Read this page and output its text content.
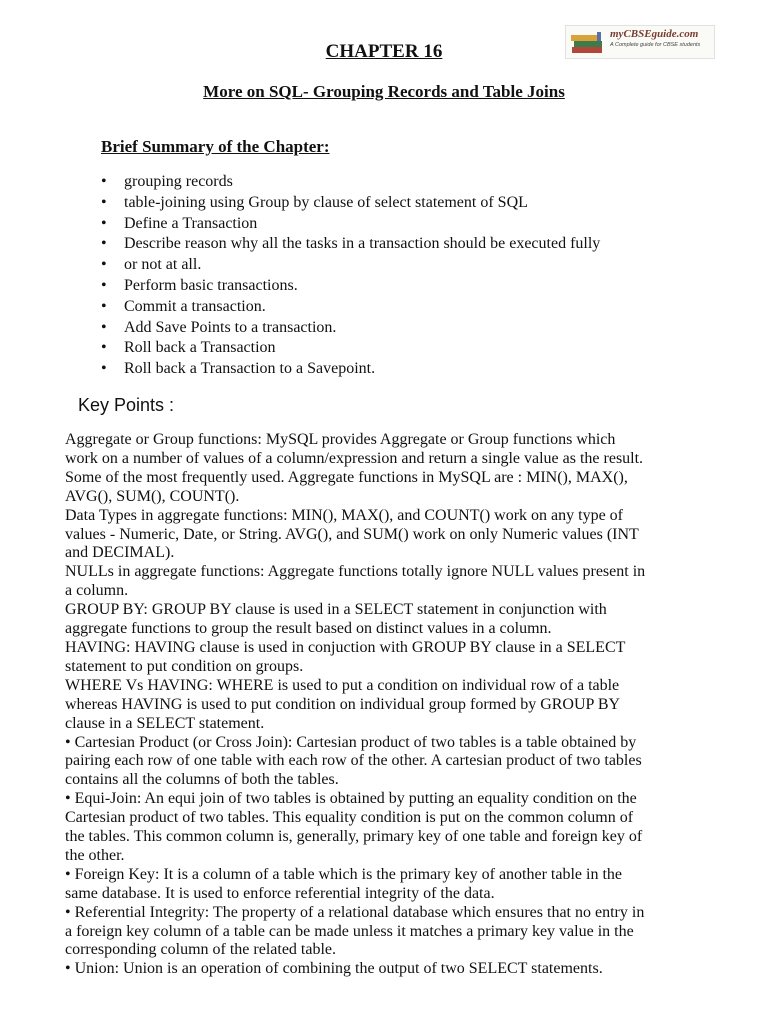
myCBSEguide.com
A Complete guide for CBSE students
CHAPTER 16
More on SQL- Grouping Records and Table Joins
Brief Summary of the Chapter:
• grouping records
• table-joining using Group by clause of select statement of SQL
• Define a Transaction
• Describe reason why all the tasks in a transaction should be executed fully
• or not at all.
• Perform basic transactions.
• Commit a transaction.
• Add Save Points to a transaction.
• Roll back a Transaction
• Roll back a Transaction to a Savepoint.
Key Points :

Aggregate or Group functions: MySQL provides Aggregate or Group functions which

work on a number of values of a column/expression and return a single value as the result.

Some of the most frequently used. Aggregate functions in MySQL are : MIN(), MAX(),

AVG(), SUM(), COUNT().

Data Types in aggregate functions: MIN(), MAX(), and COUNT() work on any type of

values - Numeric, Date, or String. AVG(), and SUM() work on only Numeric values (INT

and DECIMAL).

NULLs in aggregate functions: Aggregate functions totally ignore NULL values present in

a column.

GROUP BY: GROUP BY clause is used in a SELECT statement in conjunction with

aggregate functions to group the result based on distinct values in a column.

HAVING: HAVING clause is used in conjuction with GROUP BY clause in a SELECT

statement to put condition on groups.

WHERE Vs HAVING: WHERE is used to put a condition on individual row of a table

whereas HAVING is used to put condition on individual group formed by GROUP BY

clause in a SELECT statement.

• Cartesian Product (or Cross Join): Cartesian product of two tables is a table obtained by

pairing each row of one table with each row of the other. A cartesian product of two tables

contains all the columns of both the tables.

• Equi-Join: An equi join of two tables is obtained by putting an equality condition on the

Cartesian product of two tables. This equality condition is put on the common column of

the tables. This common column is, generally, primary key of one table and foreign key of

the other.

• Foreign Key: It is a column of a table which is the primary key of another table in the

same database. It is used to enforce referential integrity of the data.

• Referential Integrity: The property of a relational database which ensures that no entry in

a foreign key column of a table can be made unless it matches a primary key value in the

corresponding column of the related table.

• Union: Union is an operation of combining the output of two SELECT statements.
